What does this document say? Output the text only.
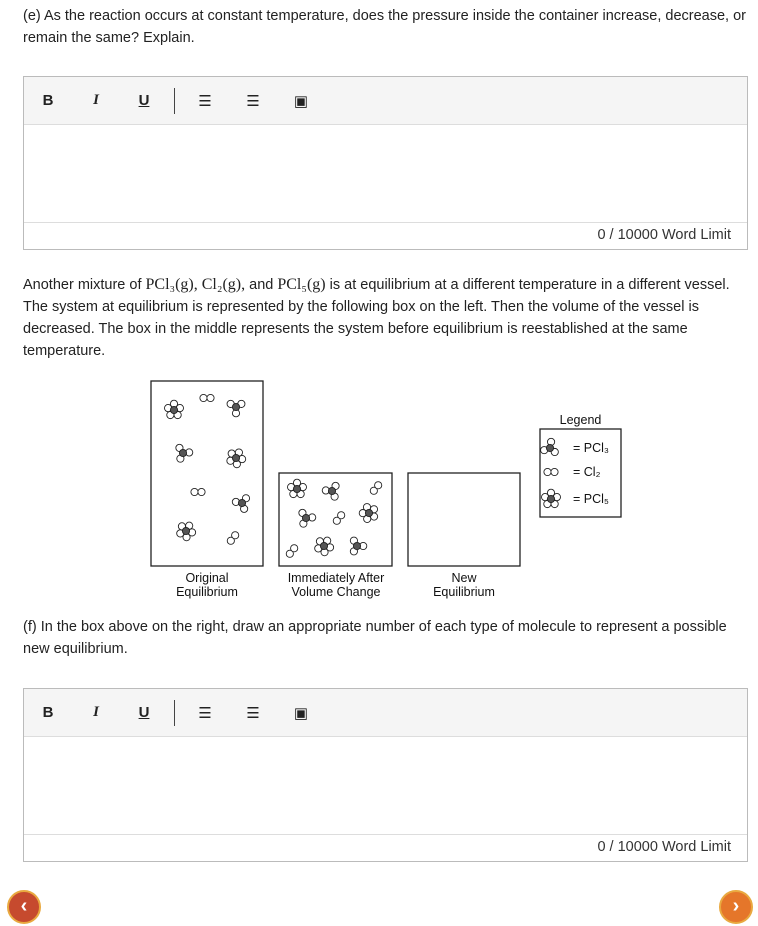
(e) As the reaction occurs at constant temperature, does the pressure inside the container increase, decrease, or remain the same? Explain.

B	I	U	☰	☰	▣
0 / 10000 Word Limit

Another mixture of PCl₃(g), Cl₂(g), and PCl₅(g) is at equilibrium at a different temperature in a different vessel. The system at equilibrium is represented by the following box on the left. Then the volume of the vessel is decreased. The box in the middle represents the system before equilibrium is reestablished at the same temperature.

Original Equilibrium
Immediately After Volume Change
New Equilibrium
Legend
= PCl₃
= Cl₂
= PCl₅

(f) In the box above on the right, draw an appropriate number of each type of molecule to represent a possible new equilibrium.

B	I	U	☰	☰	▣
0 / 10000 Word Limit
‹	›
